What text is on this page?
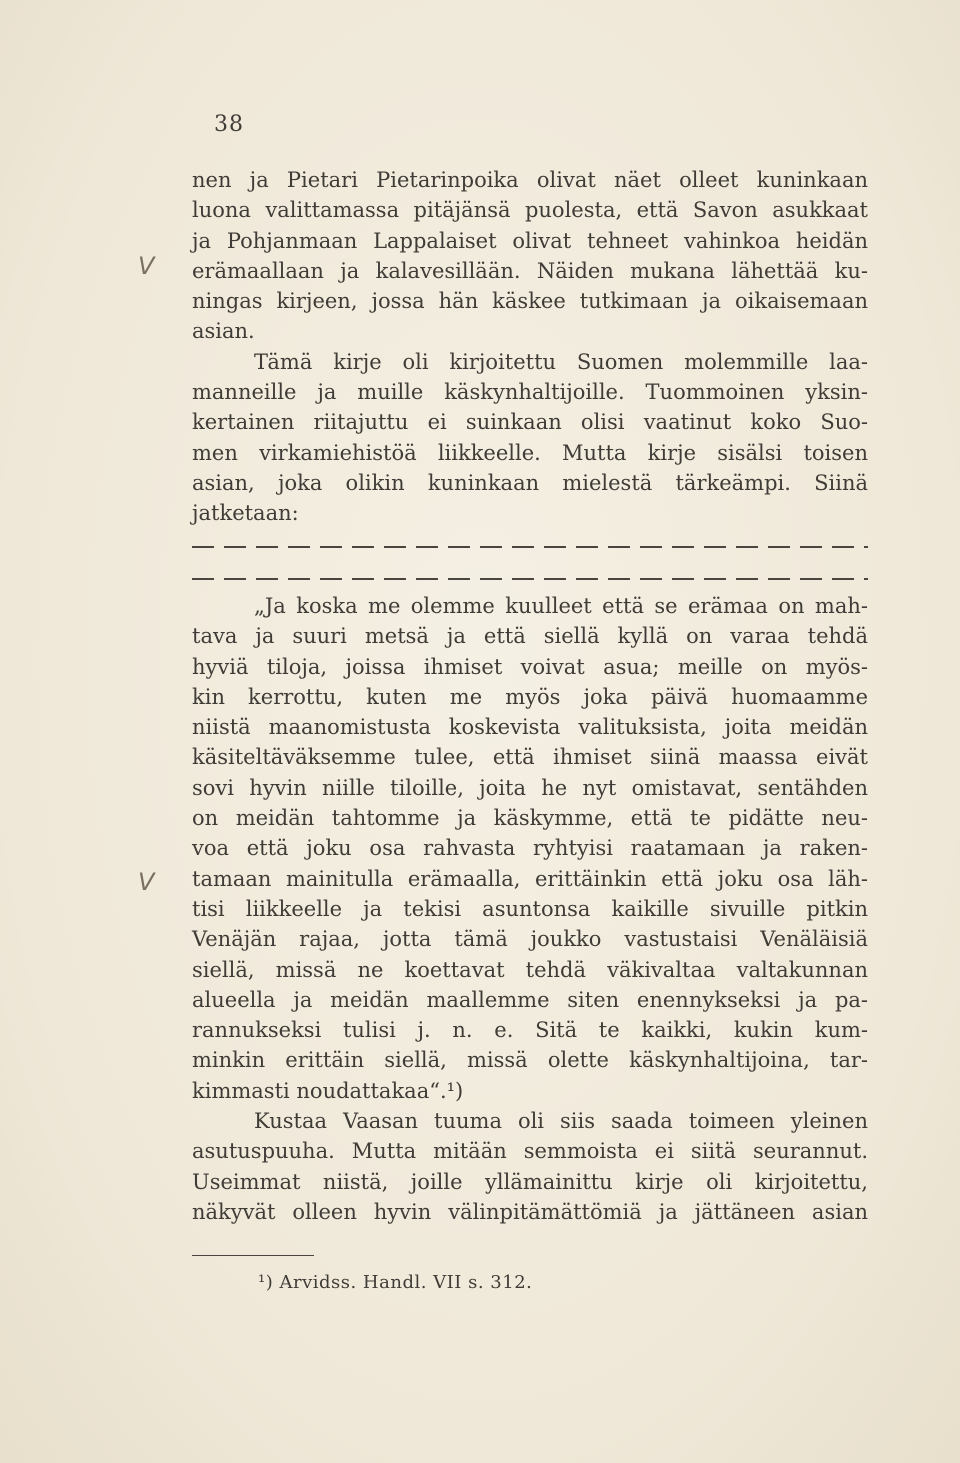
38
V
V
nen ja Pietari Pietarinpoika olivat näet olleet kuninkaan
luona valittamassa pitäjänsä puolesta, että Savon asukkaat
ja Pohjanmaan Lappalaiset olivat tehneet vahinkoa heidän
erämaallaan ja kalavesillään. Näiden mukana lähettää ku-
ningas kirjeen, jossa hän käskee tutkimaan ja oikaisemaan
asian.
Tämä kirje oli kirjoitettu Suomen molemmille laa-
manneille ja muille käskynhaltijoille. Tuommoinen yksin-
kertainen riitajuttu ei suinkaan olisi vaatinut koko Suo-
men virkamiehistöä liikkeelle. Mutta kirje sisälsi toisen
asian, joka olikin kuninkaan mielestä tärkeämpi. Siinä
jatketaan:
„Ja koska me olemme kuulleet että se erämaa on mah-
tava ja suuri metsä ja että siellä kyllä on varaa tehdä
hyviä tiloja, joissa ihmiset voivat asua; meille on myös-
kin kerrottu, kuten me myös joka päivä huomaamme
niistä maanomistusta koskevista valituksista, joita meidän
käsiteltäväksemme tulee, että ihmiset siinä maassa eivät
sovi hyvin niille tiloille, joita he nyt omistavat, sentähden
on meidän tahtomme ja käskymme, että te pidätte neu-
voa että joku osa rahvasta ryhtyisi raatamaan ja raken-
tamaan mainitulla erämaalla, erittäinkin että joku osa läh-
tisi liikkeelle ja tekisi asuntonsa kaikille sivuille pitkin
Venäjän rajaa, jotta tämä joukko vastustaisi Venäläisiä
siellä, missä ne koettavat tehdä väkivaltaa valtakunnan
alueella ja meidän maallemme siten enennykseksi ja pa-
rannukseksi tulisi j. n. e. Sitä te kaikki, kukin kum-
minkin erittäin siellä, missä olette käskynhaltijoina, tar-
kimmasti noudattakaa“.¹)
Kustaa Vaasan tuuma oli siis saada toimeen yleinen
asutuspuuha. Mutta mitään semmoista ei siitä seurannut.
Useimmat niistä, joille yllämainittu kirje oli kirjoitettu,
näkyvät olleen hyvin välinpitämättömiä ja jättäneen asian
¹) Arvidss. Handl. VII s. 312.
